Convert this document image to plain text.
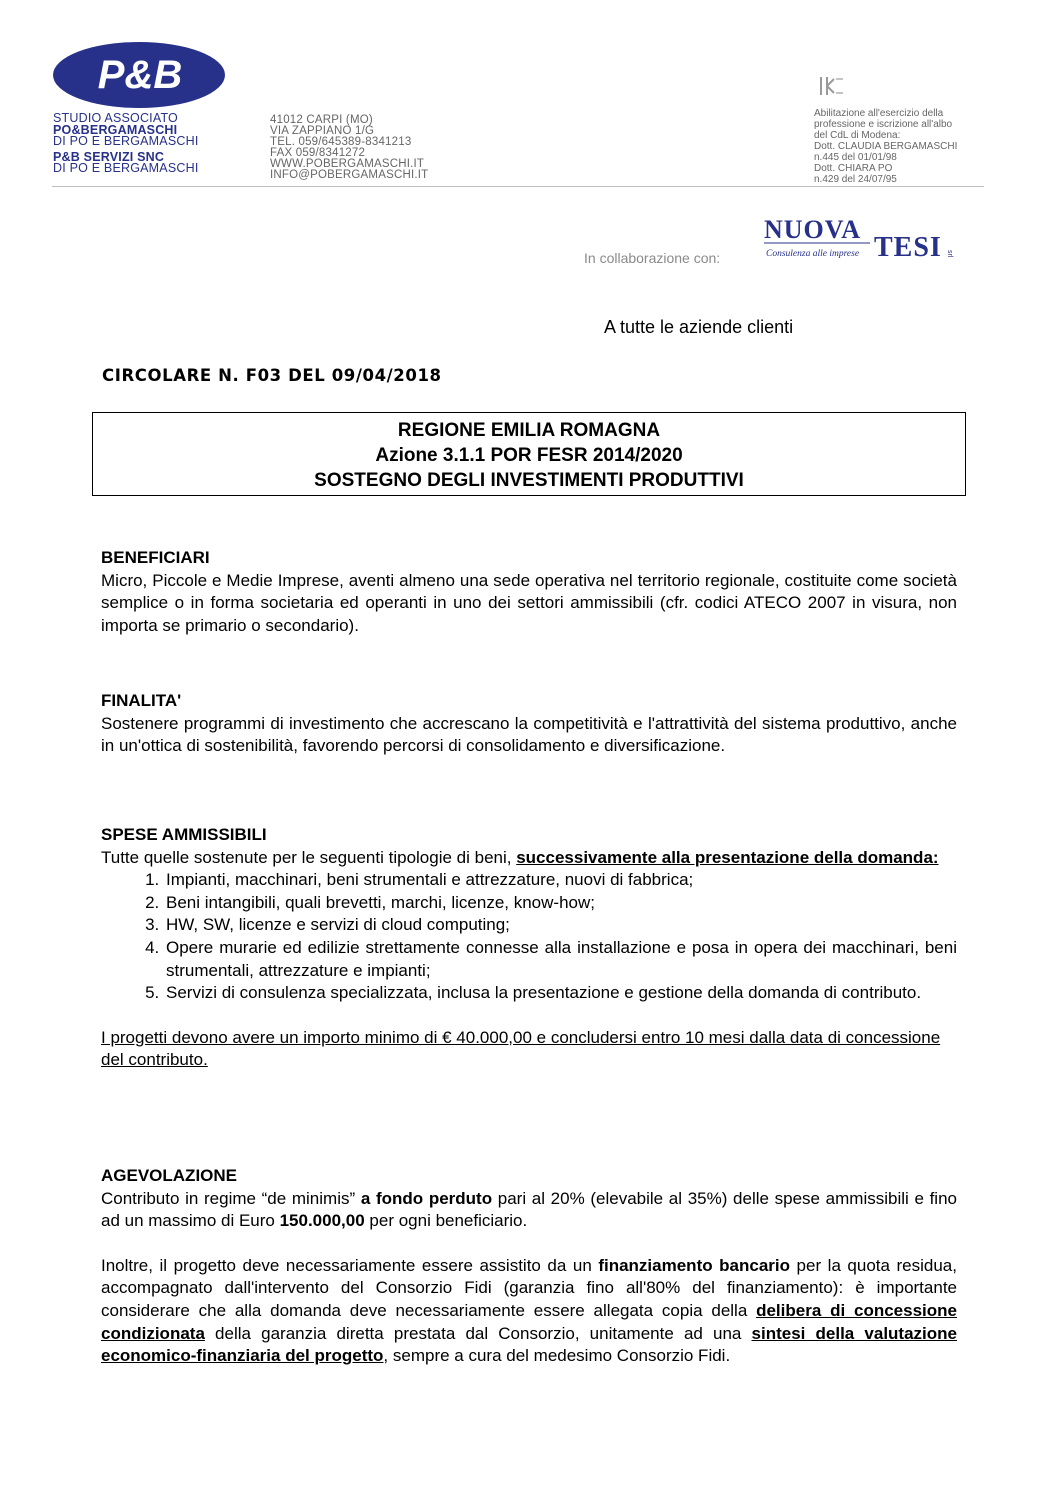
P&B
STUDIO ASSOCIATO
PO&BERGAMASCHI
DI PO E BERGAMASCHI
P&B SERVIZI SNC
DI PO E BERGAMASCHI
41012 CARPI (MO)
VIA ZAPPIANO 1/G
TEL. 059/645389-8341213
FAX 059/8341272
WWW.POBERGAMASCHI.IT
INFO@POBERGAMASCHI.IT
Abilitazione all'esercizio della
professione e iscrizione all'albo
del CdL di Modena:
Dott. CLAUDIA BERGAMASCHI
n.445 del 01/01/98
Dott. CHIARA PO
n.429 del 24/07/95
In collaborazione con:
NUOVA
TESI
Consulenza alle imprese	srl
A tutte le aziende clienti
CIRCOLARE N. F03 DEL 09/04/2018
REGIONE EMILIA ROMAGNA
Azione 3.1.1 POR FESR 2014/2020
SOSTEGNO DEGLI INVESTIMENTI PRODUTTIVI
BENEFICIARI
Micro, Piccole e Medie Imprese, aventi almeno una sede operativa nel territorio regionale, costituite come società semplice o in forma societaria ed operanti in uno dei settori ammissibili (cfr. codici ATECO 2007 in visura, non importa se primario o secondario).
FINALITA'
Sostenere programmi di investimento che accrescano la competitività e l'attrattività del sistema produttivo, anche in un'ottica di sostenibilità, favorendo percorsi di consolidamento e diversificazione.
SPESE AMMISSIBILI
Tutte quelle sostenute per le seguenti tipologie di beni, successivamente alla presentazione della domanda:
1. Impianti, macchinari, beni strumentali e attrezzature, nuovi di fabbrica;
2. Beni intangibili, quali brevetti, marchi, licenze, know-how;
3. HW, SW, licenze e servizi di cloud computing;
4. Opere murarie ed edilizie strettamente connesse alla installazione e posa in opera dei macchinari, beni strumentali, attrezzature e impianti;
5. Servizi di consulenza specializzata, inclusa la presentazione e gestione della domanda di contributo.
I progetti devono avere un importo minimo di € 40.000,00 e concludersi entro 10 mesi dalla data di concessione del contributo.
AGEVOLAZIONE
Contributo in regime “de minimis” a fondo perduto pari al 20% (elevabile al 35%) delle spese ammissibili e fino ad un massimo di Euro 150.000,00 per ogni beneficiario.
Inoltre, il progetto deve necessariamente essere assistito da un finanziamento bancario per la quota residua, accompagnato dall'intervento del Consorzio Fidi (garanzia fino all'80% del finanziamento): è importante considerare che alla domanda deve necessariamente essere allegata copia della delibera di concessione condizionata della garanzia diretta prestata dal Consorzio, unitamente ad una sintesi della valutazione economico-finanziaria del progetto, sempre a cura del medesimo Consorzio Fidi.
